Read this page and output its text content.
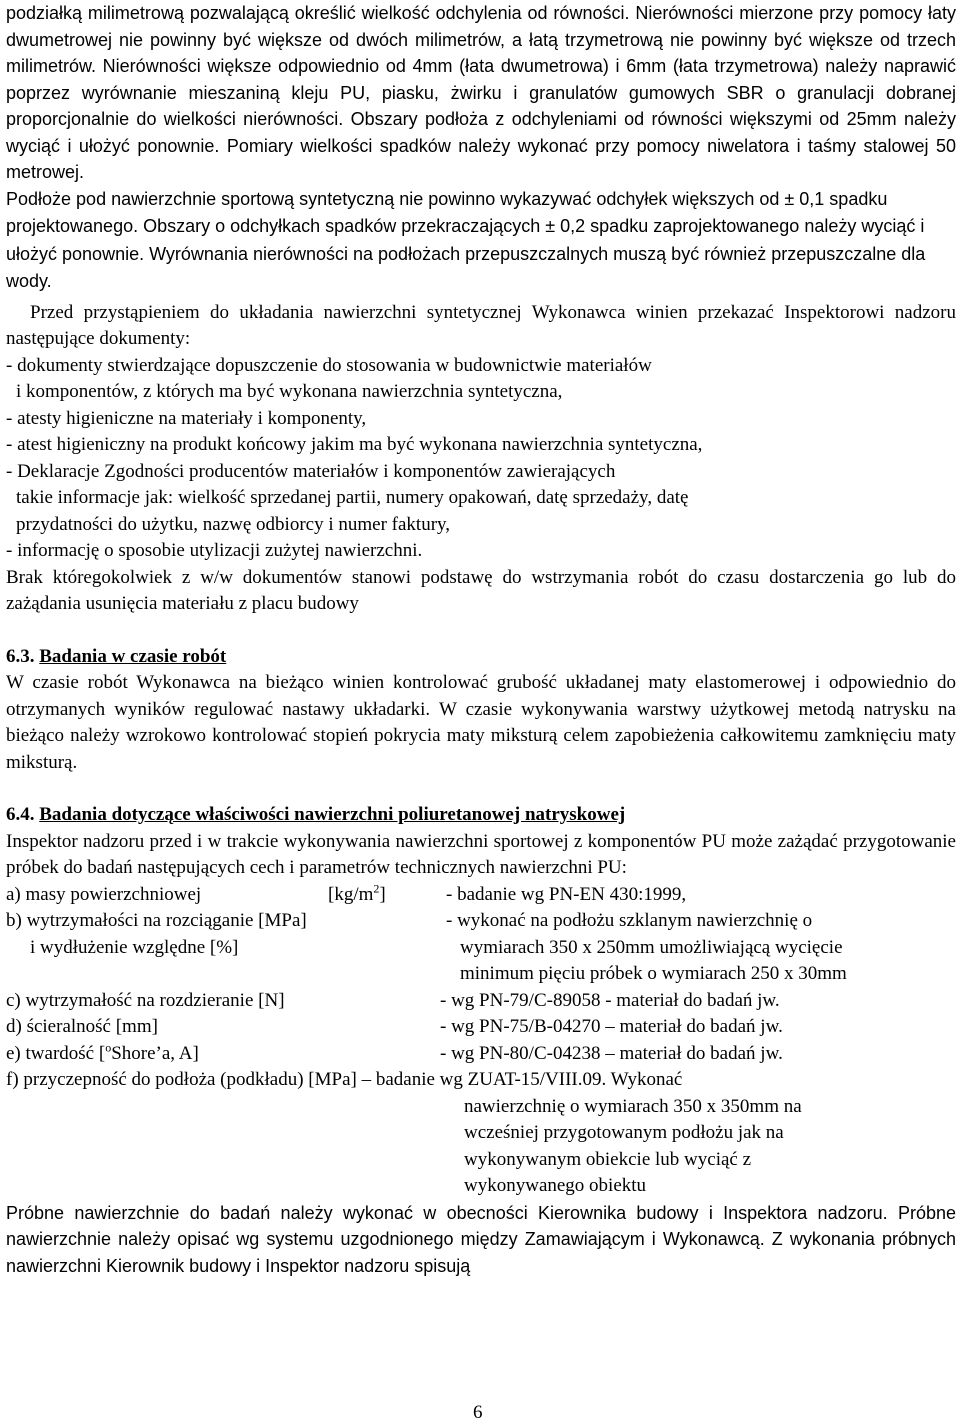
podziałką milimetrową pozwalającą określić wielkość odchylenia od równości. Nierówności mierzone przy pomocy łaty dwumetrowej nie powinny być większe od dwóch milimetrów, a łatą trzymetrową nie powinny być większe od trzech milimetrów. Nierówności większe odpowiednio od 4mm (łata dwumetrowa) i 6mm (łata trzymetrowa) należy naprawić poprzez wyrównanie mieszaniną kleju PU, piasku, żwirku i granulatów gumowych SBR o granulacji dobranej proporcjonalnie do wielkości nierówności. Obszary podłoża z odchyleniami od równości większymi od 25mm należy wyciąć i ułożyć ponownie. Pomiary wielkości spadków należy wykonać przy pomocy niwelatora i taśmy stalowej 50 metrowej.

Podłoże pod nawierzchnie sportową syntetyczną nie powinno wykazywać odchyłek większych od ± 0,1 spadku projektowanego. Obszary o odchyłkach spadków przekraczających ± 0,2 spadku zaprojektowanego należy wyciąć i ułożyć ponownie. Wyrównania nierówności na podłożach przepuszczalnych muszą być również przepuszczalne dla wody.

Przed przystąpieniem do układania nawierzchni syntetycznej Wykonawca winien przekazać Inspektorowi nadzoru następujące dokumenty:

- dokumenty stwierdzające dopuszczenie do stosowania w budownictwie materiałów

i komponentów, z których ma być wykonana nawierzchnia syntetyczna,

- atesty higieniczne na materiały i komponenty,

- atest higieniczny na produkt końcowy jakim ma być wykonana nawierzchnia syntetyczna,

- Deklaracje Zgodności producentów materiałów i komponentów zawierających

takie informacje jak: wielkość sprzedanej partii, numery opakowań, datę sprzedaży, datę

przydatności do użytku, nazwę odbiorcy i numer faktury,

- informację o sposobie utylizacji zużytej nawierzchni.

Brak któregokolwiek z w/w dokumentów stanowi podstawę do wstrzymania robót do czasu dostarczenia go lub do zażądania usunięcia materiału z placu budowy

6.3. Badania w czasie robót

W czasie robót Wykonawca na bieżąco winien kontrolować grubość układanej maty elastomerowej i odpowiednio do otrzymanych wyników regulować nastawy układarki. W czasie wykonywania warstwy użytkowej metodą natrysku na bieżąco należy wzrokowo kontrolować stopień pokrycia maty miksturą celem zapobieżenia całkowitemu zamknięciu maty miksturą.

6.4. Badania dotyczące właściwości nawierzchni poliuretanowej natryskowej

Inspektor nadzoru przed i w trakcie wykonywania nawierzchni sportowej z komponentów PU może zażądać przygotowanie próbek do badań następujących cech i parametrów technicznych nawierzchni PU:

a) masy powierzchniowej	$[kg/m^2]$	- badanie wg PN-EN 430:1999,
b) wytrzymałości na rozciąganie [MPa]	- wykonać na podłożu szklanym nawierzchnię o
i wydłużenie względne [%]	wymiarach 350 x 250mm umożliwiającą wycięcie
minimum pięciu próbek o wymiarach 250 x 30mm
c) wytrzymałość na rozdzieranie [N]	- wg PN-79/C-89058 - materiał do badań jw.
d) ścieralność [mm]	- wg PN-75/B-04270 – materiał do badań jw.
e) twardość [$^o$Shore’a, A]	- wg PN-80/C-04238 – materiał do badań jw.
f) przyczepność do podłoża (podkładu) [MPa] – badanie wg ZUAT-15/VIII.09. Wykonać
nawierzchnię o wymiarach 350 x 350mm na
wcześniej przygotowanym podłożu jak na
wykonywanym obiekcie lub wyciąć z
wykonywanego obiektu

Próbne nawierzchnie do badań należy wykonać w obecności Kierownika budowy i Inspektora nadzoru. Próbne nawierzchnie należy opisać wg systemu uzgodnionego między Zamawiającym i Wykonawcą. Z wykonania próbnych nawierzchni Kierownik budowy i Inspektor nadzoru spisują

6
